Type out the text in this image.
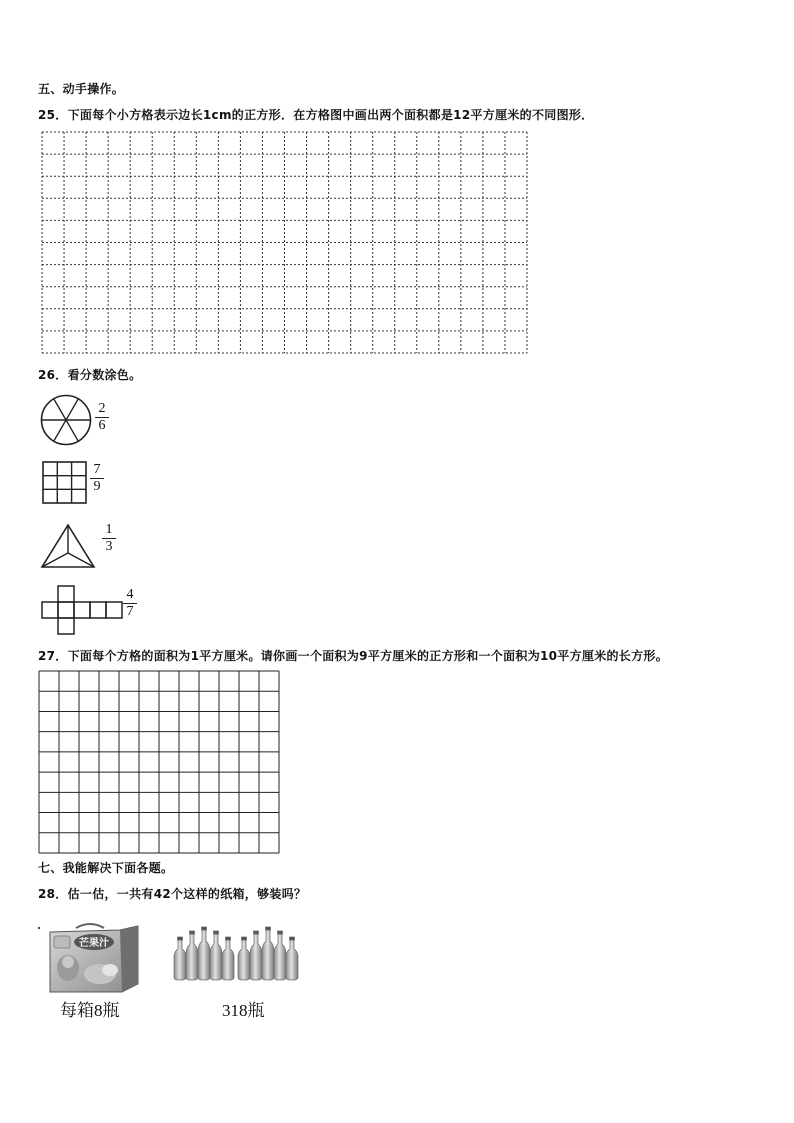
五、动手操作。
25．下面每个小方格表示边长1cm的正方形．在方格图中画出两个面积都是12平方厘米的不同图形．
26．看分数涂色。
2
6
7
9
1
3
4
7
27．下面每个方格的面积为1平方厘米。请你画一个面积为9平方厘米的正方形和一个面积为10平方厘米的长方形。
七、我能解决下面各题。
28．估一估，一共有42个这样的纸箱，够装吗？
芒果汁
每箱8瓶	318瓶
